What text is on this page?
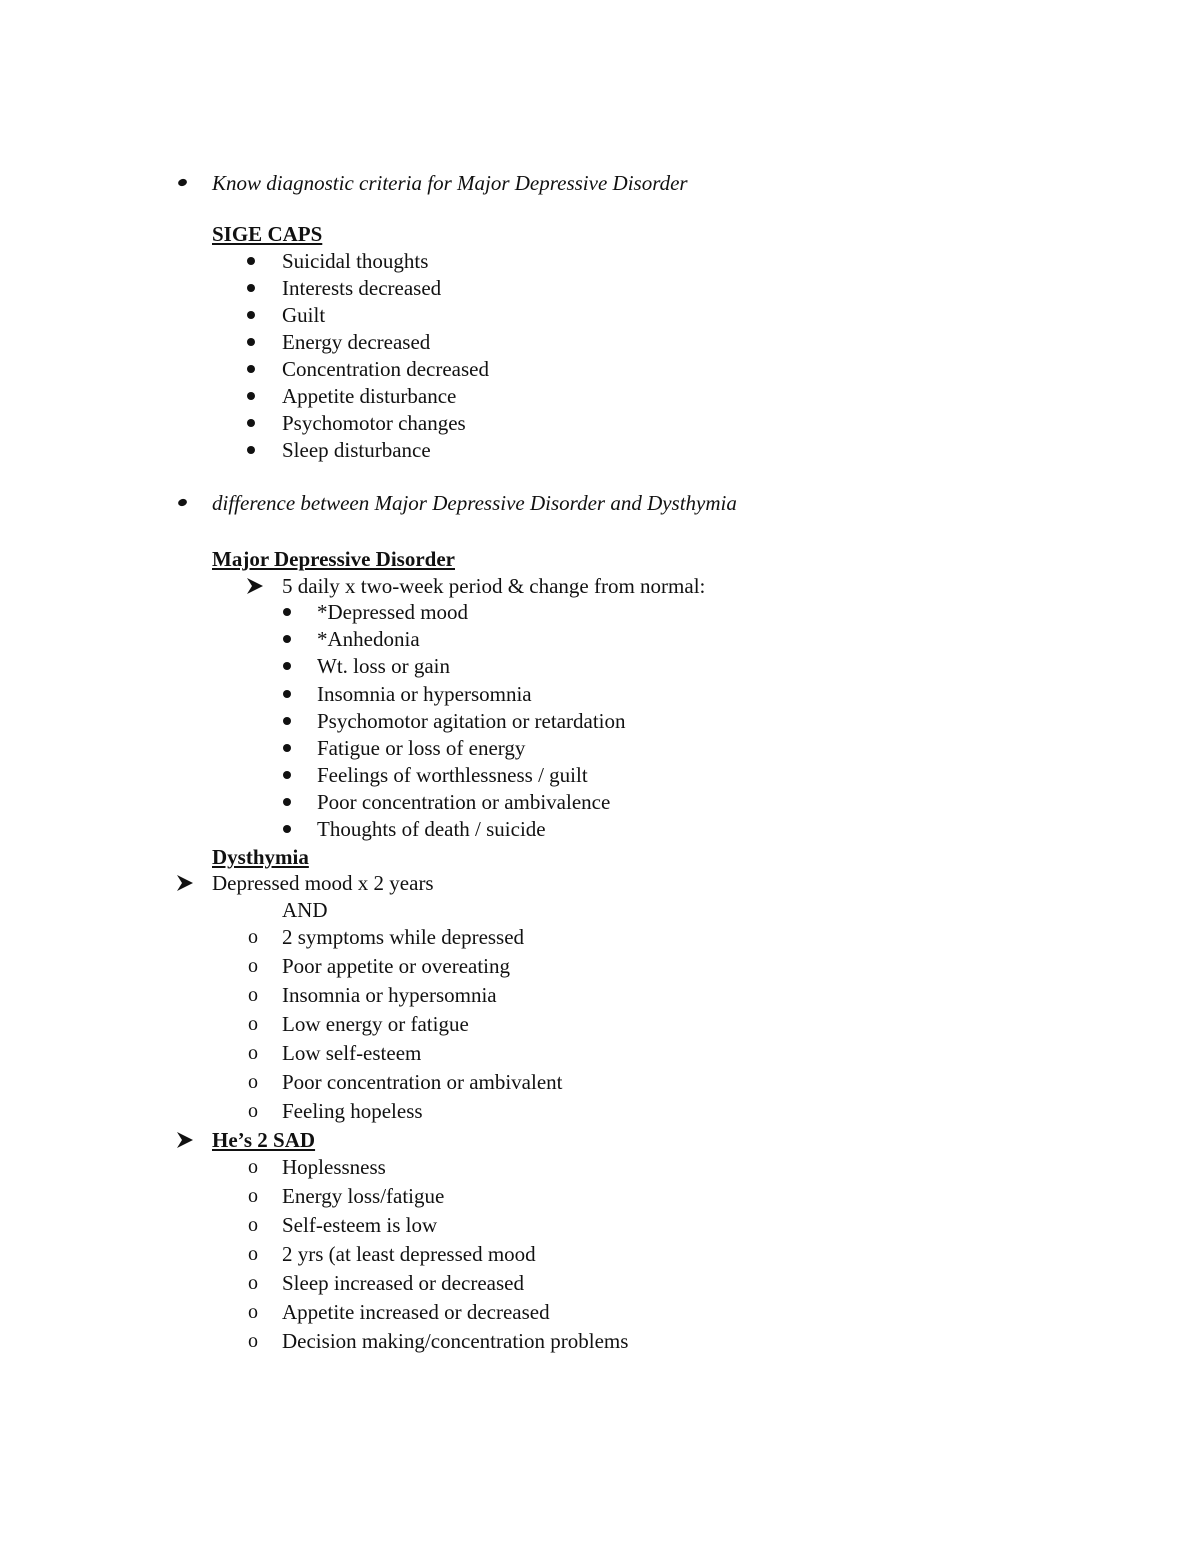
Know diagnostic criteria for Major Depressive Disorder
SIGE CAPS
Suicidal thoughts
Interests decreased
Guilt
Energy decreased
Concentration decreased
Appetite disturbance
Psychomotor changes
Sleep disturbance
difference between Major Depressive Disorder and Dysthymia
Major Depressive Disorder
5 daily x two-week period & change from normal:
*Depressed mood
*Anhedonia
Wt. loss or gain
Insomnia or hypersomnia
Psychomotor agitation or retardation
Fatigue or loss of energy
Feelings of worthlessness / guilt
Poor concentration or ambivalence
Thoughts of death / suicide
Dysthymia
Depressed mood x 2 years
AND
o 2 symptoms while depressed
o Poor appetite or overeating
o Insomnia or hypersomnia
o Low energy or fatigue
o Low self-esteem
o Poor concentration or ambivalent
o Feeling hopeless
He’s 2 SAD
o Hoplessness
o Energy loss/fatigue
o Self-esteem is low
o 2 yrs (at least depressed mood
o Sleep increased or decreased
o Appetite increased or decreased
o Decision making/concentration problems
